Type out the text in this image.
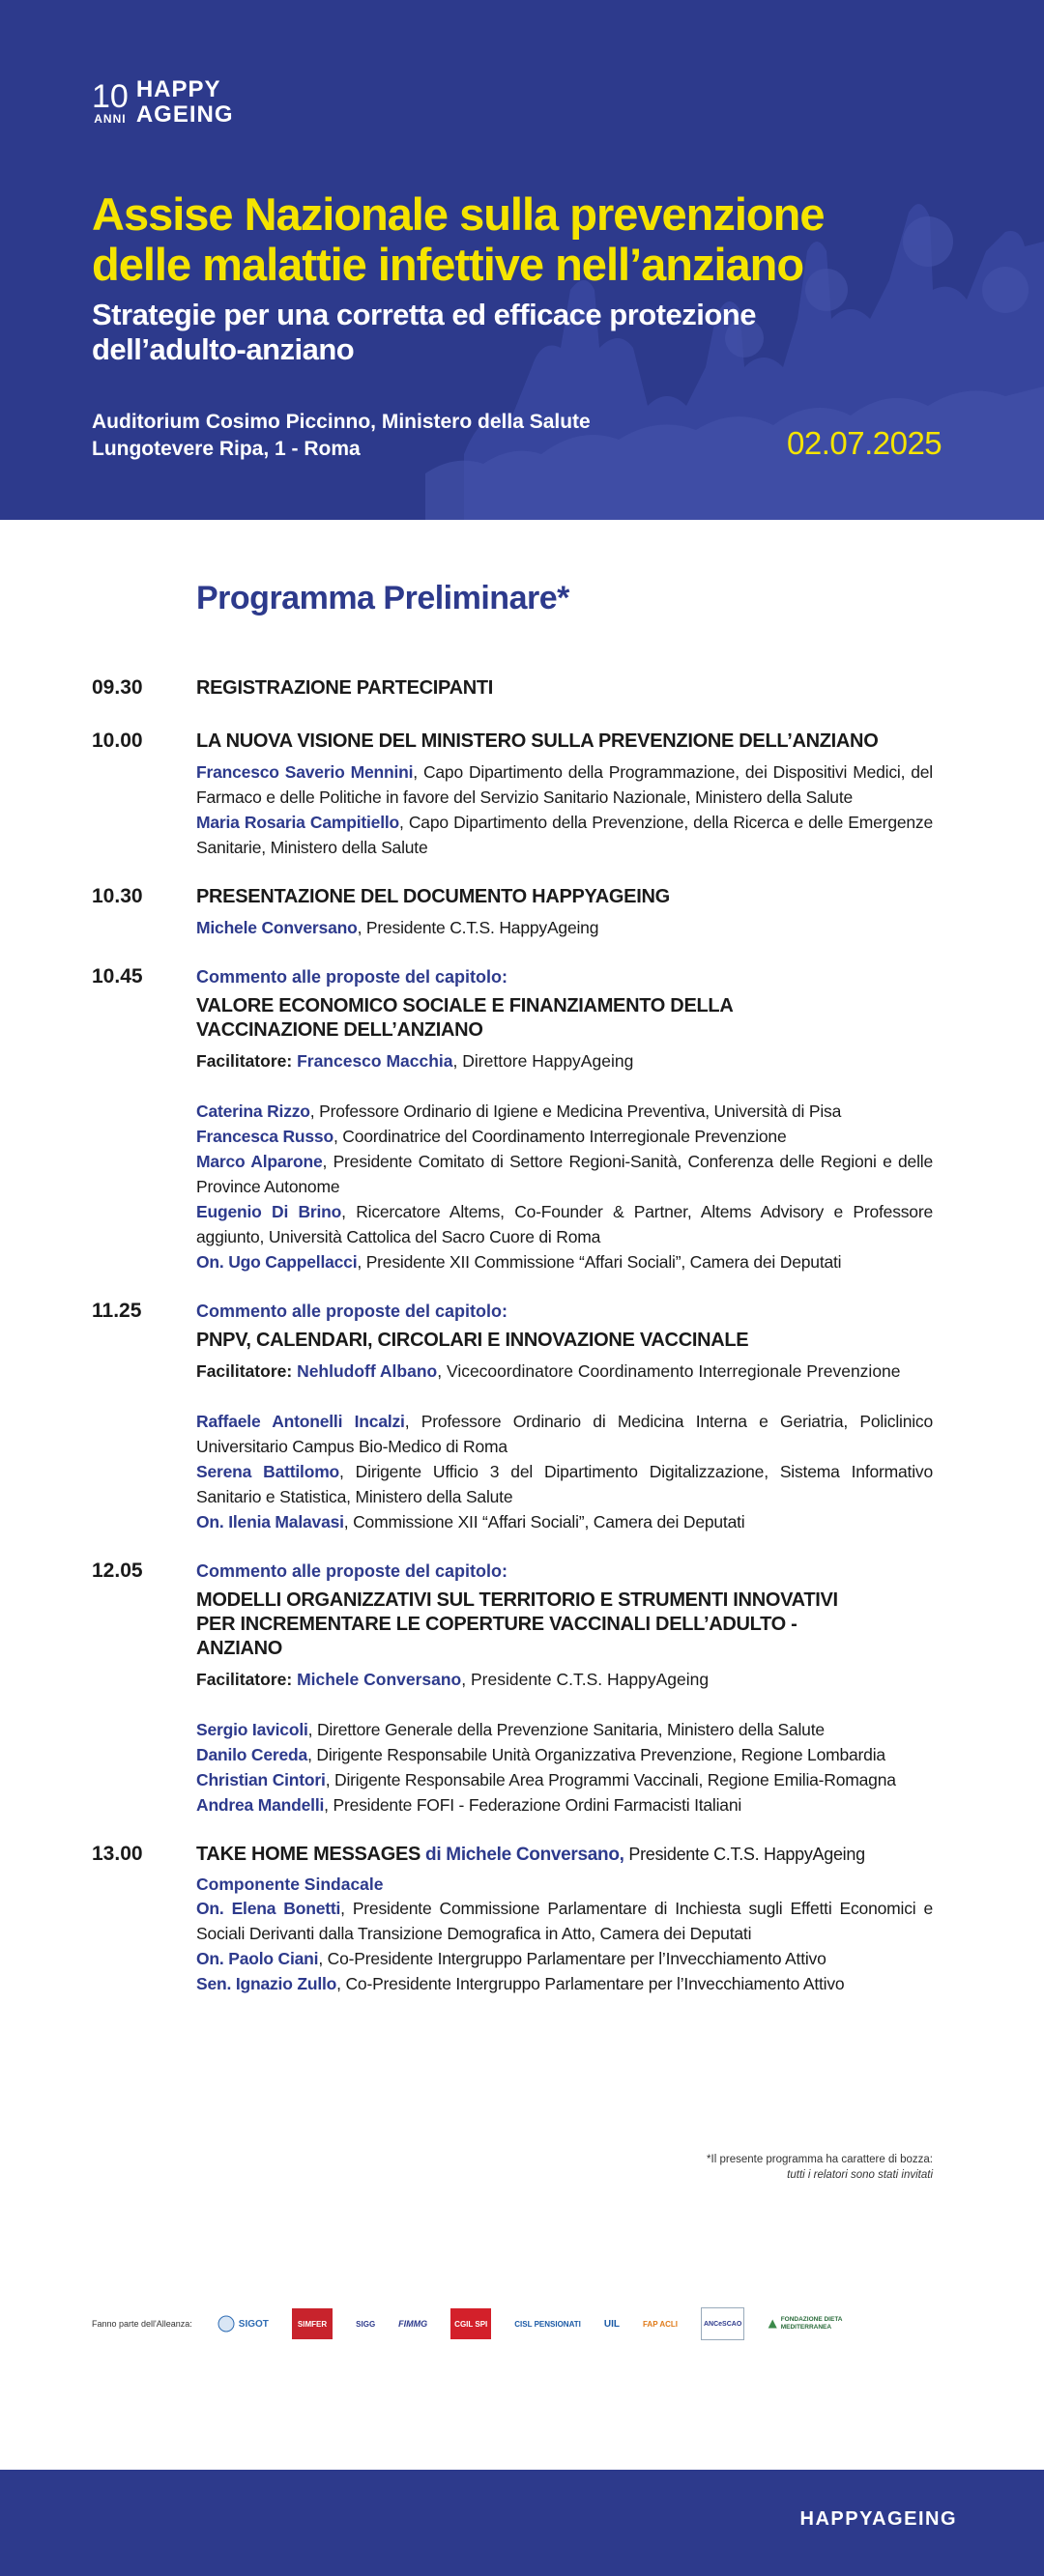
10
ANNI
HAPPY
AGEING
Assise Nazionale sulla prevenzione
delle malattie infettive nell’anziano
Strategie per una corretta ed efficace protezione
dell’adulto-anziano
Auditorium Cosimo Piccinno, Ministero della Salute
Lungotevere Ripa, 1 - Roma	02.07.2025
Programma Preliminare*
09.30	REGISTRAZIONE PARTECIPANTI
10.00	LA NUOVA VISIONE DEL MINISTERO SULLA PREVENZIONE DELL’ANZIANO
Francesco Saverio Mennini, Capo Dipartimento della Programmazione, dei Dispositivi Medici, del Farmaco e delle Politiche in favore del Servizio Sanitario Nazionale, Ministero della Salute
Maria Rosaria Campitiello, Capo Dipartimento della Prevenzione, della Ricerca e delle Emergenze Sanitarie, Ministero della Salute
10.30	PRESENTAZIONE DEL DOCUMENTO HAPPYAGEING
Michele Conversano, Presidente C.T.S. HappyAgeing
10.45	Commento alle proposte del capitolo:
VALORE ECONOMICO SOCIALE E FINANZIAMENTO DELLA
VACCINAZIONE DELL’ANZIANO
Facilitatore: Francesco Macchia, Direttore HappyAgeing
Caterina Rizzo, Professore Ordinario di Igiene e Medicina Preventiva, Università di Pisa
Francesca Russo, Coordinatrice del Coordinamento Interregionale Prevenzione
Marco Alparone, Presidente Comitato di Settore Regioni-Sanità, Conferenza delle Regioni e delle Province Autonome
Eugenio Di Brino, Ricercatore Altems, Co-Founder & Partner, Altems Advisory e Professore aggiunto, Università Cattolica del Sacro Cuore di Roma
On. Ugo Cappellacci, Presidente XII Commissione “Affari Sociali”, Camera dei Deputati
11.25	Commento alle proposte del capitolo:
PNPV, CALENDARI, CIRCOLARI E INNOVAZIONE VACCINALE
Facilitatore: Nehludoff Albano, Vicecoordinatore Coordinamento Interregionale Prevenzione
Raffaele Antonelli Incalzi, Professore Ordinario di Medicina Interna e Geriatria, Policlinico Universitario Campus Bio-Medico di Roma
Serena Battilomo, Dirigente Ufficio 3 del Dipartimento Digitalizzazione, Sistema Informativo Sanitario e Statistica, Ministero della Salute
On. Ilenia Malavasi, Commissione XII “Affari Sociali”, Camera dei Deputati
12.05	Commento alle proposte del capitolo:
MODELLI ORGANIZZATIVI SUL TERRITORIO E STRUMENTI INNOVATIVI
PER INCREMENTARE LE COPERTURE VACCINALI DELL’ADULTO -
ANZIANO
Facilitatore: Michele Conversano, Presidente C.T.S. HappyAgeing
Sergio Iavicoli, Direttore Generale della Prevenzione Sanitaria, Ministero della Salute
Danilo Cereda, Dirigente Responsabile Unità Organizzativa Prevenzione, Regione Lombardia
Christian Cintori, Dirigente Responsabile Area Programmi Vaccinali, Regione Emilia-Romagna
Andrea Mandelli, Presidente FOFI - Federazione Ordini Farmacisti Italiani
13.00	TAKE HOME MESSAGES di Michele Conversano, Presidente C.T.S. HappyAgeing
Componente Sindacale
On. Elena Bonetti, Presidente Commissione Parlamentare di Inchiesta sugli Effetti Economici e Sociali Derivanti dalla Transizione Demografica in Atto, Camera dei Deputati
On. Paolo Ciani, Co-Presidente Intergruppo Parlamentare per l’Invecchiamento Attivo
Sen. Ignazio Zullo, Co-Presidente Intergruppo Parlamentare per l’Invecchiamento Attivo
*Il presente programma ha carattere di bozza:
tutti i relatori sono stati invitati
Fanno parte dell'Alleanza:	SIGOT	SIMFER	SIGG	FIMMG	CGIL SPI	CISL PENSIONATI UIL	FAP ACLI	ANCeSCAO
FONDAZIONE DIETA MEDITERRANEA
HAPPYAGEING
